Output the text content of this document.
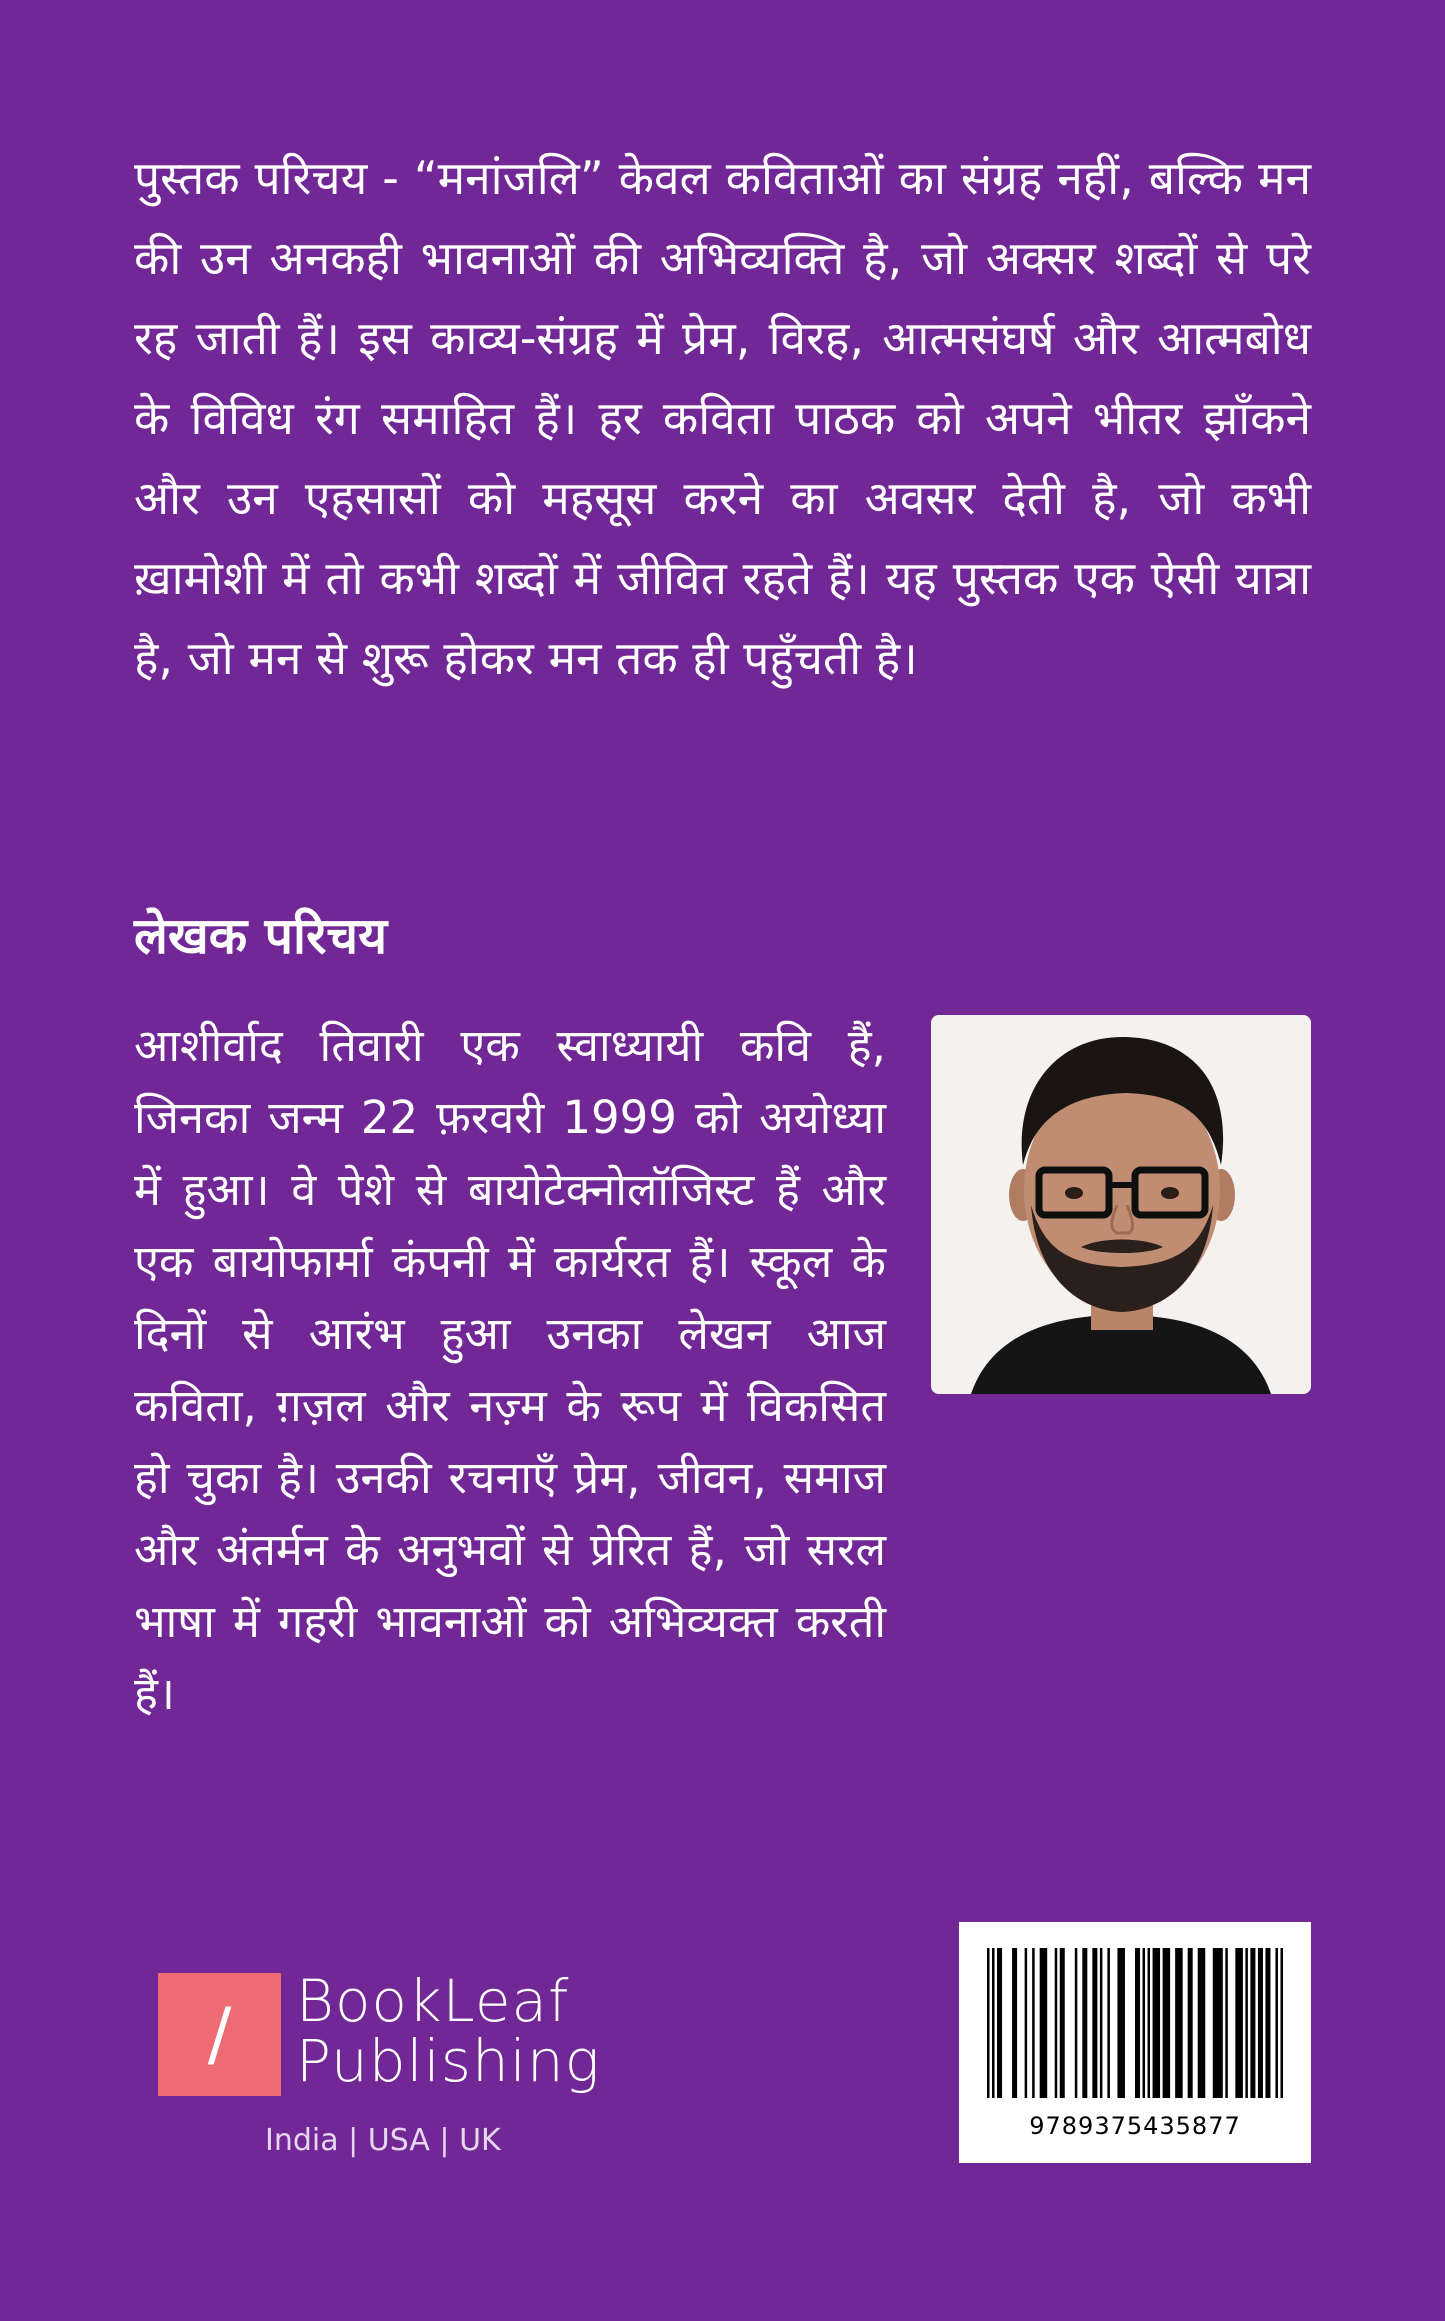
पुस्तक परिचय - “मनांजलि” केवल कविताओं का संग्रह नहीं, बल्कि मन की उन अनकही भावनाओं की अभिव्यक्ति है, जो अक्सर शब्दों से परे रह जाती हैं। इस काव्य-संग्रह में प्रेम, विरह, आत्मसंघर्ष और आत्मबोध के विविध रंग समाहित हैं। हर कविता पाठक को अपने भीतर झाँकने और उन एहसासों को महसूस करने का अवसर देती है, जो कभी ख़ामोशी में तो कभी शब्दों में जीवित रहते हैं। यह पुस्तक एक ऐसी यात्रा है, जो मन से शुरू होकर मन तक ही पहुँचती है।

लेखक परिचय

आशीर्वाद तिवारी एक स्वाध्यायी कवि हैं, जिनका जन्म 22 फ़रवरी 1999 को अयोध्या में हुआ। वे पेशे से बायोटेक्नोलॉजिस्ट हैं और एक बायोफार्मा कंपनी में कार्यरत हैं। स्कूल के दिनों से आरंभ हुआ उनका लेखन आज कविता, ग़ज़ल और नज़्म के रूप में विकसित हो चुका है। उनकी रचनाएँ प्रेम, जीवन, समाज और अंतर्मन के अनुभवों से प्रेरित हैं, जो सरल भाषा में गहरी भावनाओं को अभिव्यक्त करती हैं।

/	BookLeaf
Publishing
India | USA | UK	9789375435877
